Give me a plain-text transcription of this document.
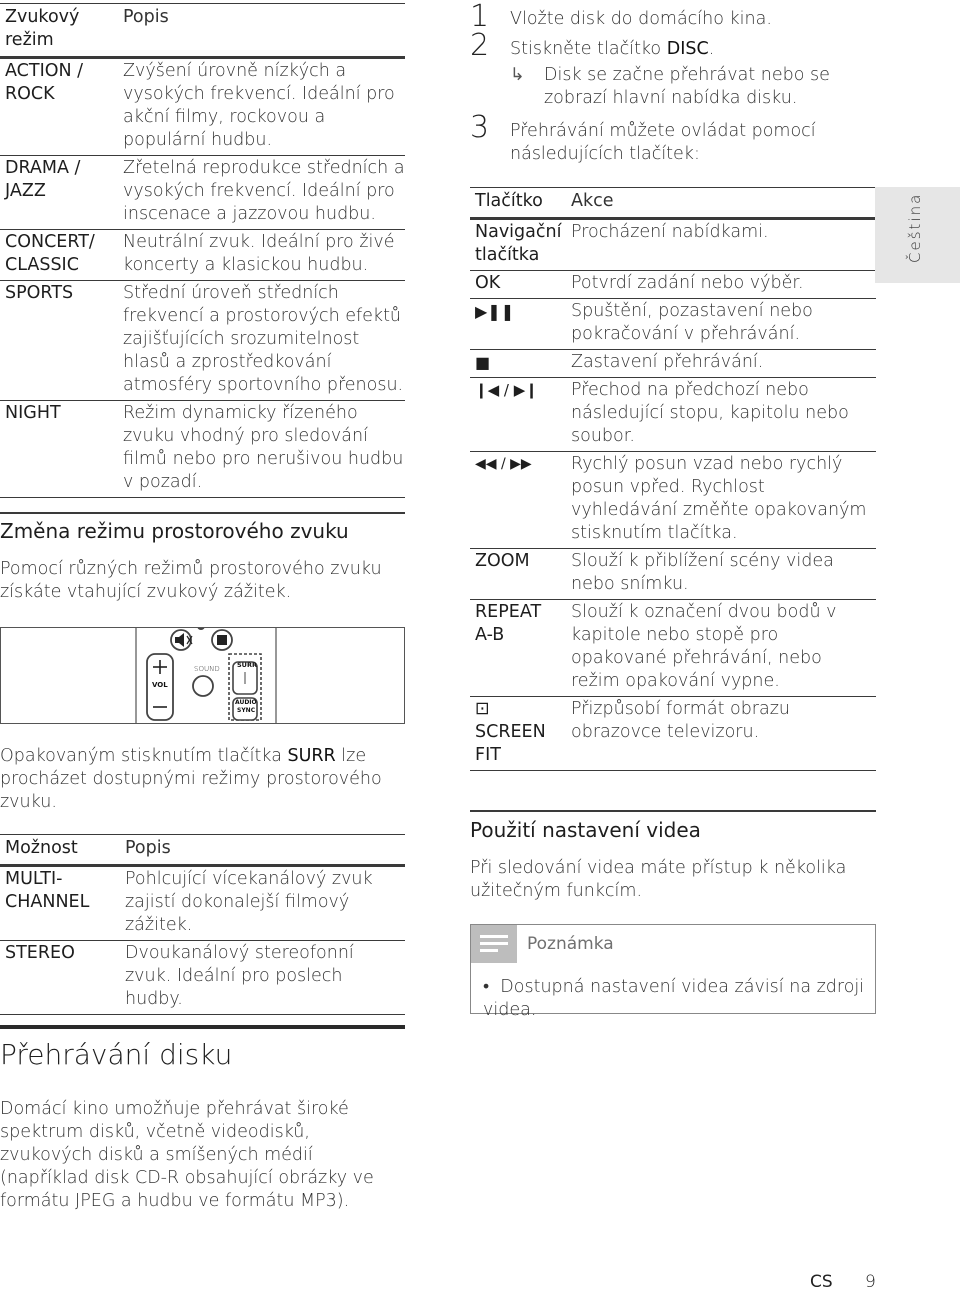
Zvukový
režim	Popis
ACTION /
ROCK	Zvýšení úrovně nízkých a vysokých frekvencí. Ideální pro akční filmy, rockovou a populární hudbu.
DRAMA /
JAZZ	Zřetelná reprodukce středních a vysokých frekvencí. Ideální pro inscenace a jazzovou hudbu.
CONCERT/
CLASSIC	Neutrální zvuk. Ideální pro živé koncerty a klasickou hudbu.
SPORTS	Střední úroveň středních frekvencí a prostorových efektů zajišťujících srozumitelnost hlasů a zprostředkování atmosféry sportovního přenosu.
NIGHT	Režim dynamicky řízeného zvuku vhodný pro sledování filmů nebo pro nerušivou hudbu v pozadí.
Změna režimu prostorového zvuku
Pomocí různých režimů prostorového zvuku získáte vtahující zvukový zážitek.
VOL
SOUND	SURR
AUDIO
SYNC
Opakovaným stisknutím tlačítka SURR lze procházet dostupnými režimy prostorového zvuku.
Možnost	Popis
MULTI-
CHANNEL	Pohlcující vícekanálový zvuk zajistí dokonalejší filmový zážitek.
STEREO	Dvoukanálový stereofonní zvuk. Ideální pro poslech hudby.
Přehrávání disku
Domácí kino umožňuje přehrávat široké spektrum disků, včetně videodisků, zvukových disků a smíšených médií (například disk CD-R obsahující obrázky ve formátu JPEG a hudbu ve formátu MP3).
1 Vložte disk do domácího kina.
2 Stiskněte tlačítko DISC.
↳ Disk se začne přehrávat nebo se zobrazí hlavní nabídka disku.
3 Přehrávání můžete ovládat pomocí následujících tlačítek:
Tlačítko	Akce
Navigační
tlačítka	Procházení nabídkami.
OK	Potvrdí zadání nebo výběr.
▶❚❚	Spuštění, pozastavení nebo pokračování v přehrávání.
■	Zastavení přehrávání.
❙◀ / ▶❙	Přechod na předchozí nebo následující stopu, kapitolu nebo soubor.
◀◀ / ▶▶	Rychlý posun vzad nebo rychlý posun vpřed. Rychlost vyhledávání změňte opakovaným stisknutím tlačítka.
ZOOM	Slouží k přiblížení scény videa nebo snímku.
REPEAT
A-B	Slouží k označení dvou bodů v kapitole nebo stopě pro opakované přehrávání, nebo režim opakování vypne.
⊡
SCREEN
FIT	Přizpůsobí formát obrazu obrazovce televizoru.
Použití nastavení videa
Při sledování videa máte přístup k několika užitečným funkcím.
Poznámka
• Dostupná nastavení videa závisí na zdroji videa.
Čeština
CS 9
